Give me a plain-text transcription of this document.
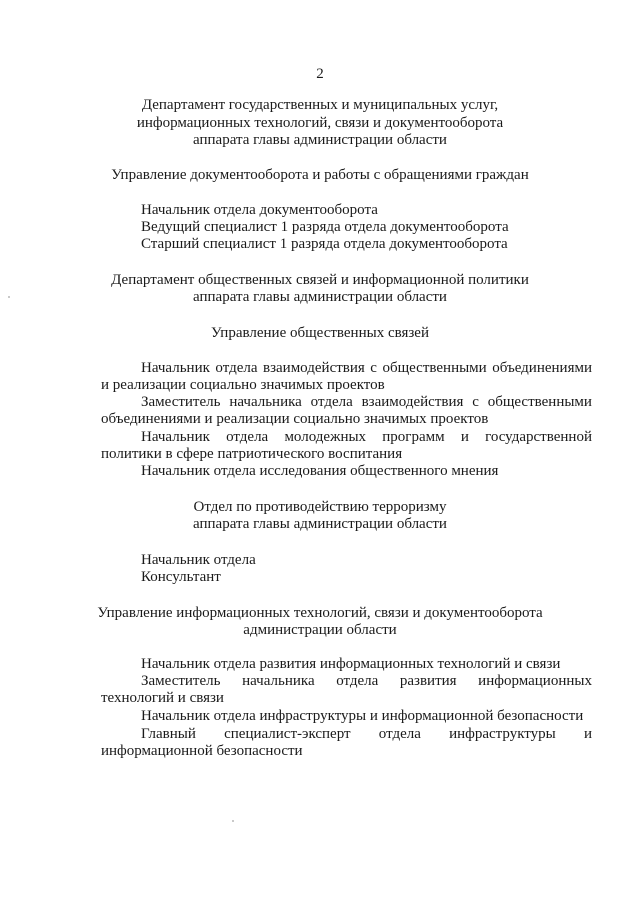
2
Департамент государственных и муниципальных услуг,
информационных технологий, связи и документооборота
аппарата главы администрации области
Управление документооборота и работы с обращениями граждан
Начальник отдела документооборота
Ведущий специалист 1 разряда отдела документооборота
Старший специалист 1 разряда отдела документооборота
Департамент общественных связей и информационной политики
аппарата главы администрации области
Управление общественных связей
Начальник отдела взаимодействия с общественными объединениями
и реализации социально значимых проектов
Заместитель начальника отдела взаимодействия с общественными
объединениями и реализации социально значимых проектов
Начальник отдела молодежных программ и государственной
политики в сфере патриотического воспитания
Начальник отдела исследования общественного мнения
Отдел по противодействию терроризму
аппарата главы администрации области
Начальник отдела
Консультант
Управление информационных технологий, связи и документооборота
администрации области
Начальник отдела развития информационных технологий и связи
Заместитель начальника отдела развития информационных
технологий и связи
Начальник отдела инфраструктуры и информационной безопасности
Главный специалист-эксперт отдела инфраструктуры и
информационной безопасности
